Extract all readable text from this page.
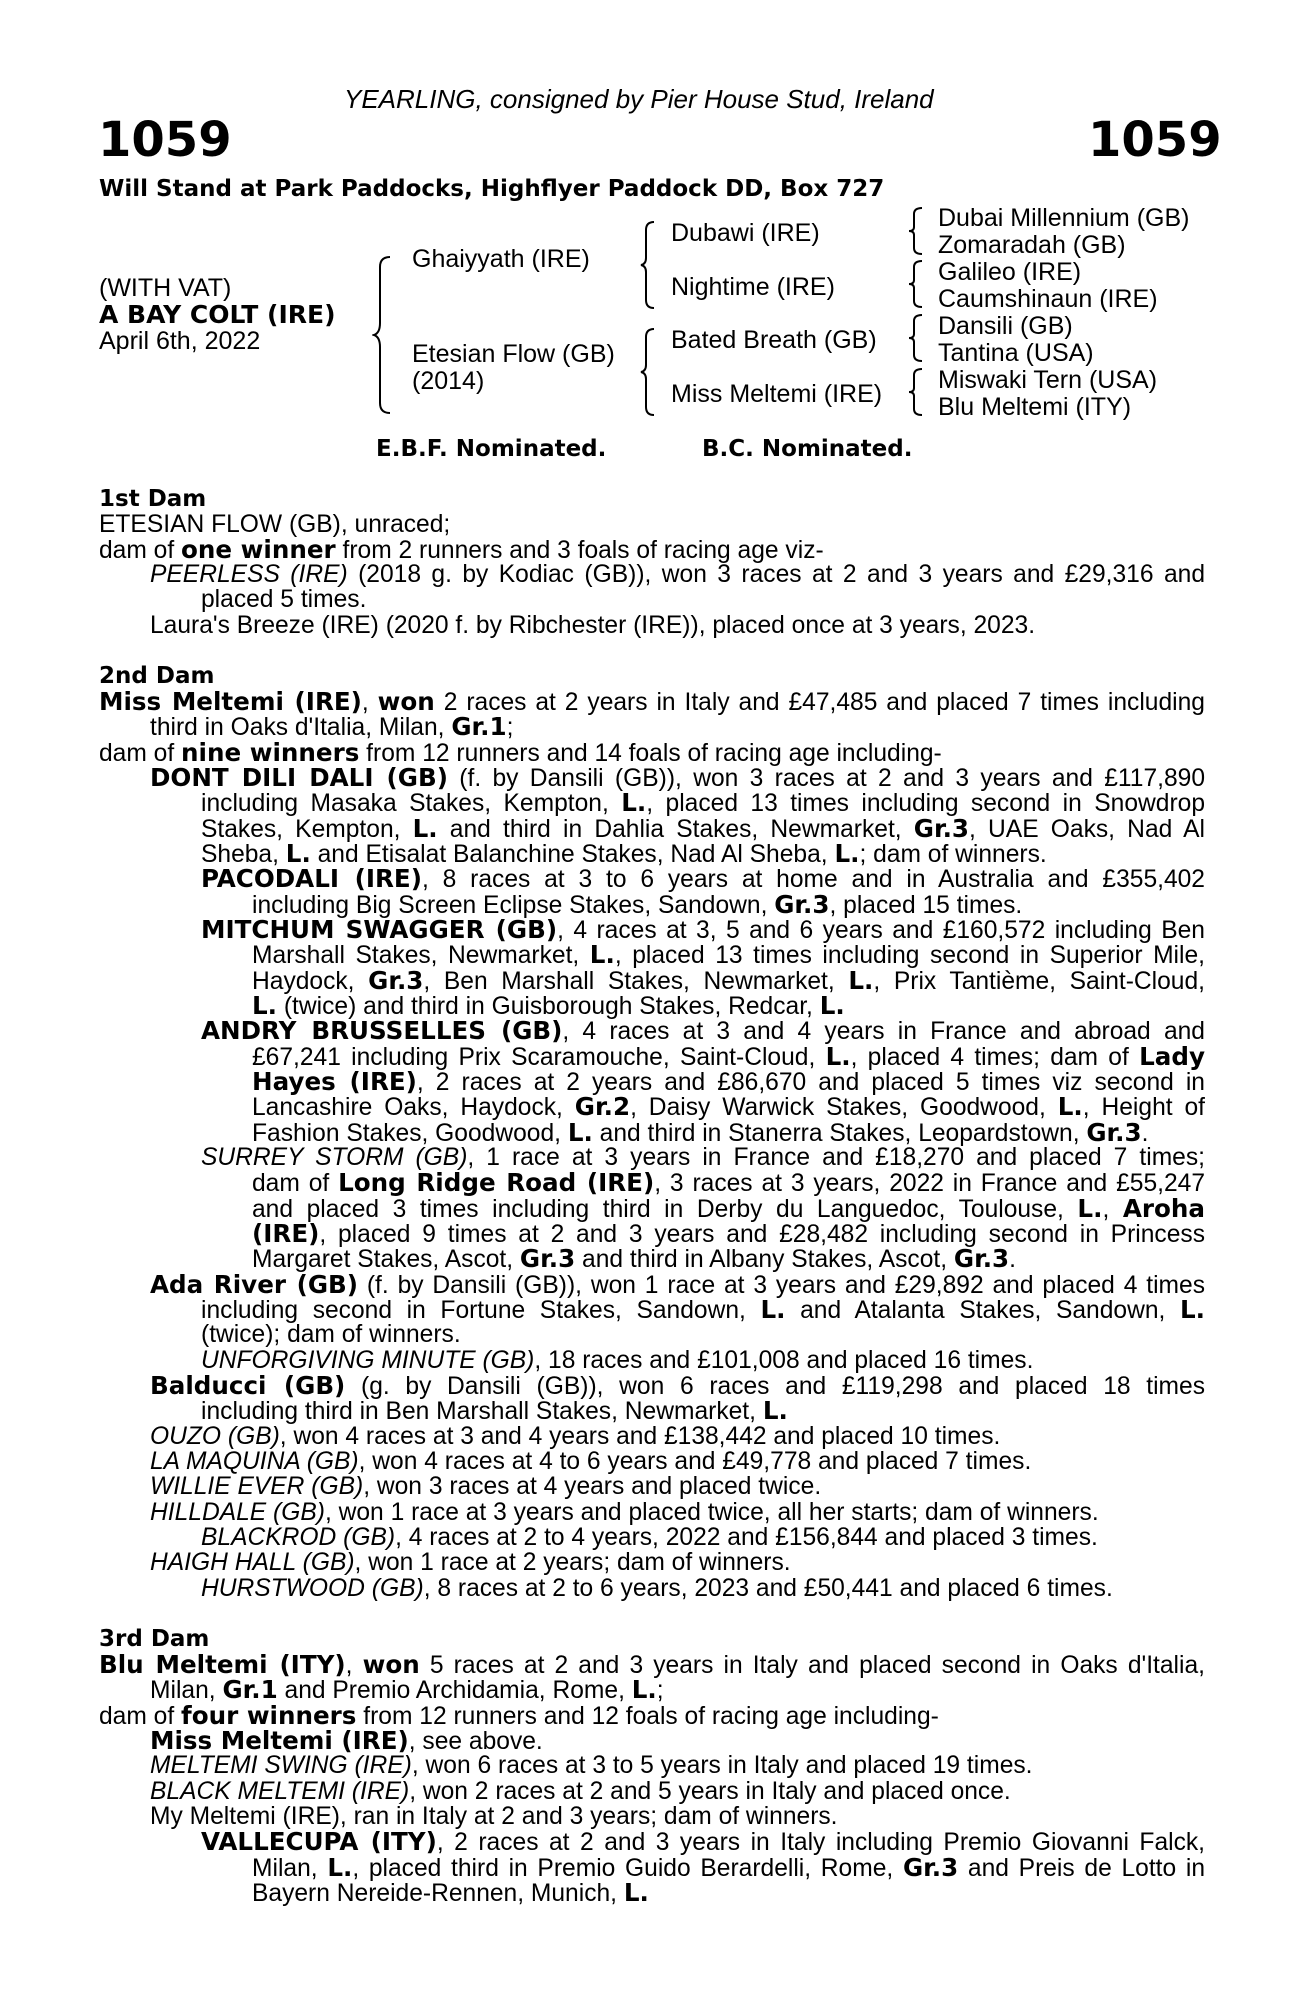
YEARLING, consigned by Pier House Stud, Ireland
1059	1059
Will Stand at Park Paddocks, Highflyer Paddock DD, Box 727
(WITH VAT)
A BAY COLT (IRE)
April 6th, 2022
Ghaiyyath (IRE)
Etesian Flow (GB)
(2014)
Dubawi (IRE)
Nightime (IRE)
Bated Breath (GB)
Miss Meltemi (IRE)
Dubai Millennium (GB)
Zomaradah (GB)
Galileo (IRE)
Caumshinaun (IRE)
Dansili (GB)
Tantina (USA)
Miswaki Tern (USA)
Blu Meltemi (ITY)
E.B.F. Nominated.	B.C. Nominated.
1st Dam
ETESIAN FLOW (GB), unraced;
dam of one winner from 2 runners and 3 foals of racing age viz-
PEERLESS (IRE) (2018 g. by Kodiac (GB)), won 3 races at 2 and 3 years and £29,316 and
placed 5 times.
Laura's Breeze (IRE) (2020 f. by Ribchester (IRE)), placed once at 3 years, 2023.
2nd Dam
Miss Meltemi (IRE), won 2 races at 2 years in Italy and £47,485 and placed 7 times including
third in Oaks d'Italia, Milan, Gr.1;
dam of nine winners from 12 runners and 14 foals of racing age including-
DONT DILI DALI (GB) (f. by Dansili (GB)), won 3 races at 2 and 3 years and £117,890
including Masaka Stakes, Kempton, L., placed 13 times including second in Snowdrop
Stakes, Kempton, L. and third in Dahlia Stakes, Newmarket, Gr.3, UAE Oaks, Nad Al
Sheba, L. and Etisalat Balanchine Stakes, Nad Al Sheba, L.; dam of winners.
PACODALI (IRE), 8 races at 3 to 6 years at home and in Australia and £355,402
including Big Screen Eclipse Stakes, Sandown, Gr.3, placed 15 times.
MITCHUM SWAGGER (GB), 4 races at 3, 5 and 6 years and £160,572 including Ben
Marshall Stakes, Newmarket, L., placed 13 times including second in Superior Mile,
Haydock, Gr.3, Ben Marshall Stakes, Newmarket, L., Prix Tantième, Saint-Cloud,
L. (twice) and third in Guisborough Stakes, Redcar, L.
ANDRY BRUSSELLES (GB), 4 races at 3 and 4 years in France and abroad and
£67,241 including Prix Scaramouche, Saint-Cloud, L., placed 4 times; dam of Lady
Hayes (IRE), 2 races at 2 years and £86,670 and placed 5 times viz second in
Lancashire Oaks, Haydock, Gr.2, Daisy Warwick Stakes, Goodwood, L., Height of
Fashion Stakes, Goodwood, L. and third in Stanerra Stakes, Leopardstown, Gr.3.
SURREY STORM (GB), 1 race at 3 years in France and £18,270 and placed 7 times;
dam of Long Ridge Road (IRE), 3 races at 3 years, 2022 in France and £55,247
and placed 3 times including third in Derby du Languedoc, Toulouse, L., Aroha
(IRE), placed 9 times at 2 and 3 years and £28,482 including second in Princess
Margaret Stakes, Ascot, Gr.3 and third in Albany Stakes, Ascot, Gr.3.
Ada River (GB) (f. by Dansili (GB)), won 1 race at 3 years and £29,892 and placed 4 times
including second in Fortune Stakes, Sandown, L. and Atalanta Stakes, Sandown, L.
(twice); dam of winners.
UNFORGIVING MINUTE (GB), 18 races and £101,008 and placed 16 times.
Balducci (GB) (g. by Dansili (GB)), won 6 races and £119,298 and placed 18 times
including third in Ben Marshall Stakes, Newmarket, L.
OUZO (GB), won 4 races at 3 and 4 years and £138,442 and placed 10 times.
LA MAQUINA (GB), won 4 races at 4 to 6 years and £49,778 and placed 7 times.
WILLIE EVER (GB), won 3 races at 4 years and placed twice.
HILLDALE (GB), won 1 race at 3 years and placed twice, all her starts; dam of winners.
BLACKROD (GB), 4 races at 2 to 4 years, 2022 and £156,844 and placed 3 times.
HAIGH HALL (GB), won 1 race at 2 years; dam of winners.
HURSTWOOD (GB), 8 races at 2 to 6 years, 2023 and £50,441 and placed 6 times.
3rd Dam
Blu Meltemi (ITY), won 5 races at 2 and 3 years in Italy and placed second in Oaks d'Italia,
Milan, Gr.1 and Premio Archidamia, Rome, L.;
dam of four winners from 12 runners and 12 foals of racing age including-
Miss Meltemi (IRE), see above.
MELTEMI SWING (IRE), won 6 races at 3 to 5 years in Italy and placed 19 times.
BLACK MELTEMI (IRE), won 2 races at 2 and 5 years in Italy and placed once.
My Meltemi (IRE), ran in Italy at 2 and 3 years; dam of winners.
VALLECUPA (ITY), 2 races at 2 and 3 years in Italy including Premio Giovanni Falck,
Milan, L., placed third in Premio Guido Berardelli, Rome, Gr.3 and Preis de Lotto in
Bayern Nereide-Rennen, Munich, L.
